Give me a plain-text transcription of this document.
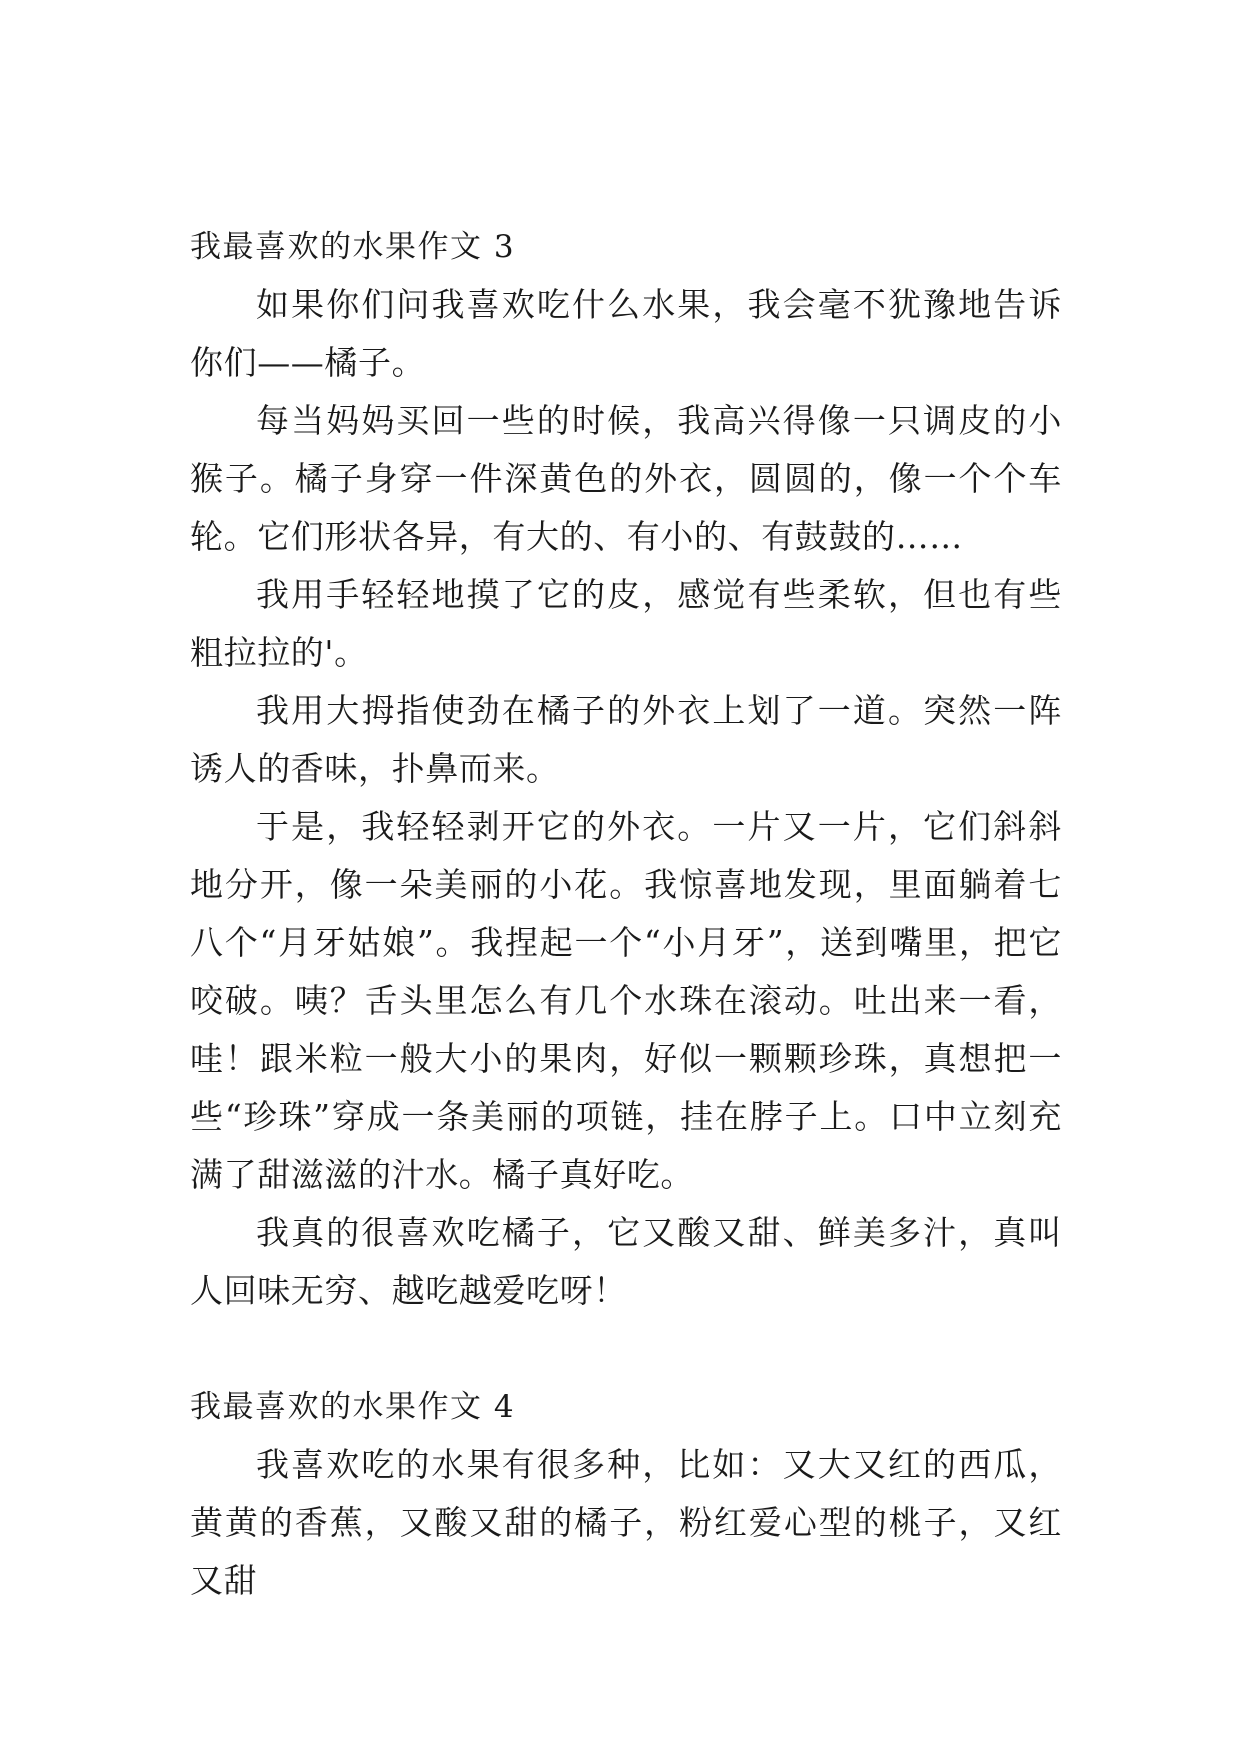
我最喜欢的水果作文 3

如果你们问我喜欢吃什么水果，我会毫不犹豫地告诉你们——橘子。

每当妈妈买回一些的时候，我高兴得像一只调皮的小猴子。橘子身穿一件深黄色的外衣，圆圆的，像一个个车轮。它们形状各异，有大的、有小的、有鼓鼓的……

我用手轻轻地摸了它的皮，感觉有些柔软，但也有些粗拉拉的'。

我用大拇指使劲在橘子的外衣上划了一道。突然一阵诱人的香味，扑鼻而来。

于是，我轻轻剥开它的外衣。一片又一片，它们斜斜地分开，像一朵美丽的小花。我惊喜地发现，里面躺着七八个“月牙姑娘”。我捏起一个“小月牙”，送到嘴里，把它咬破。咦？舌头里怎么有几个水珠在滚动。吐出来一看，哇！跟米粒一般大小的果肉，好似一颗颗珍珠，真想把一些“珍珠”穿成一条美丽的项链，挂在脖子上。口中立刻充满了甜滋滋的汁水。橘子真好吃。

我真的很喜欢吃橘子，它又酸又甜、鲜美多汁，真叫人回味无穷、越吃越爱吃呀！

我最喜欢的水果作文 4

我喜欢吃的水果有很多种，比如：又大又红的西瓜，黄黄的香蕉，又酸又甜的橘子，粉红爱心型的桃子，又红又甜
